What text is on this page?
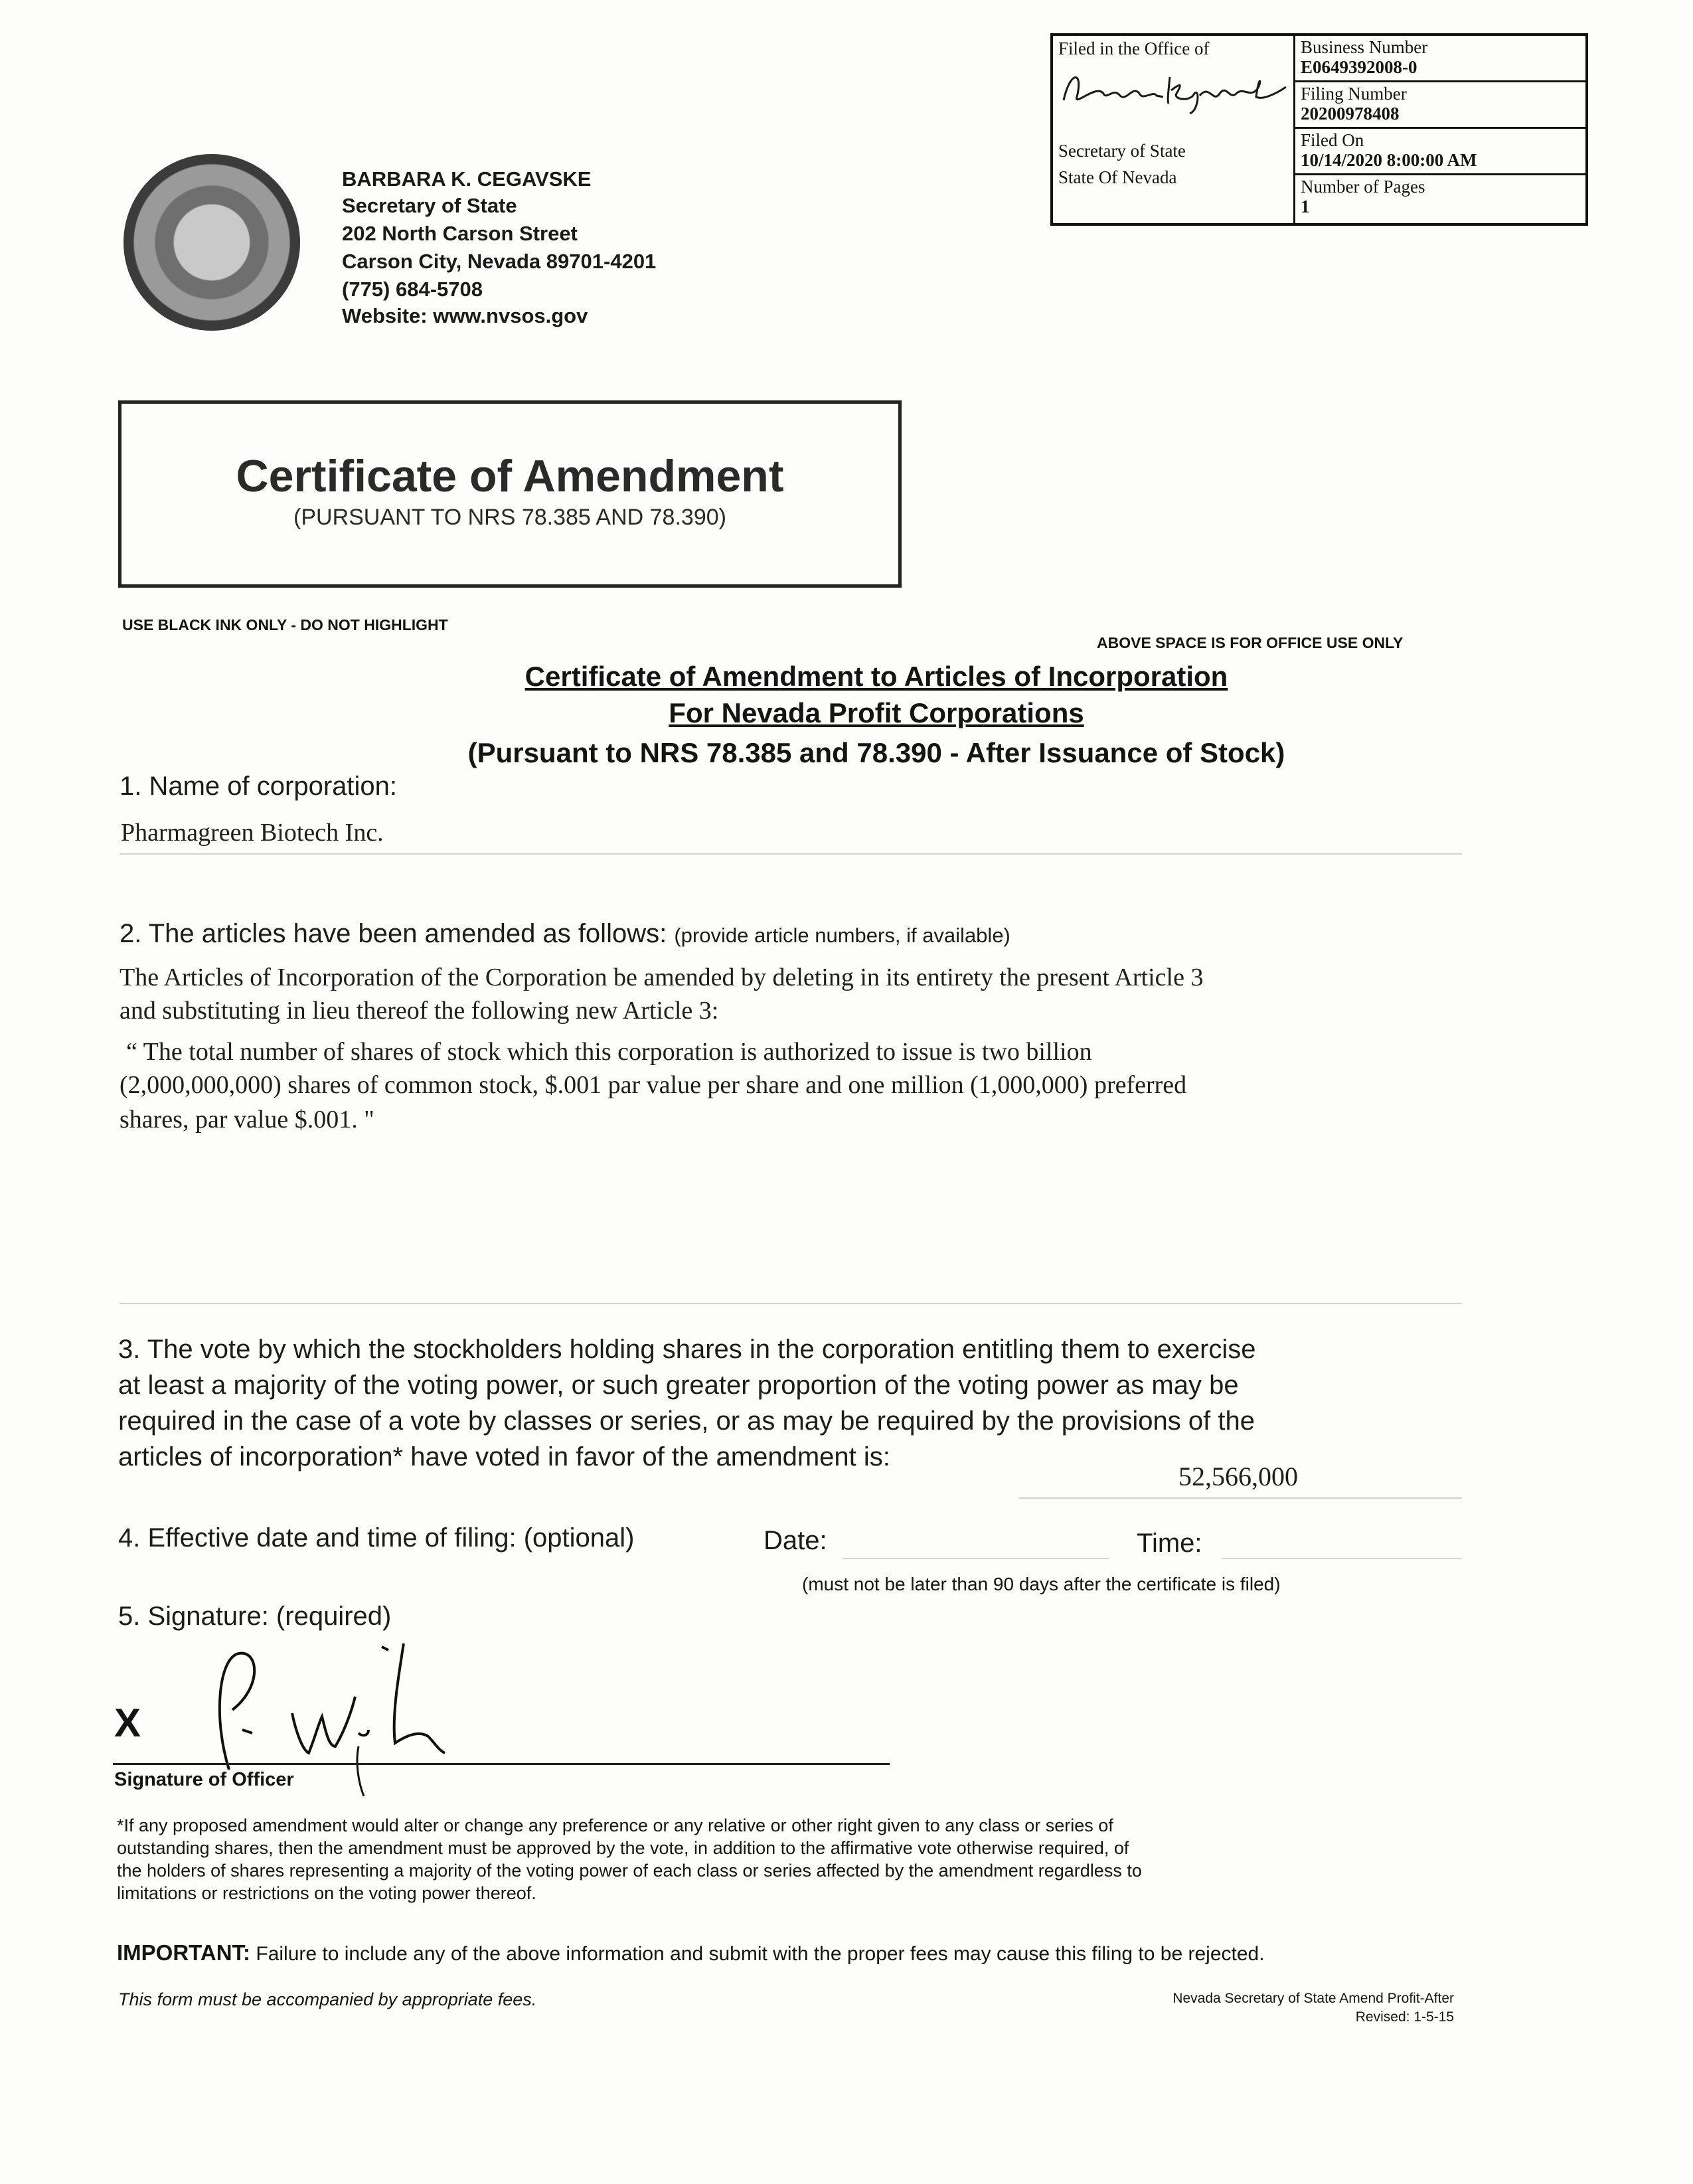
Filed in the Office of
Secretary of State
State Of Nevada
Business Number
E0649392008-0
Filing Number
20200978408
Filed On
10/14/2020 8:00:00 AM
Number of Pages
1
BARBARA K. CEGAVSKE
Secretary of State
202 North Carson Street
Carson City, Nevada 89701-4201
(775) 684-5708
Website: www.nvsos.gov
Certificate of Amendment
(PURSUANT TO NRS 78.385 AND 78.390)
USE BLACK INK ONLY - DO NOT HIGHLIGHT
ABOVE SPACE IS FOR OFFICE USE ONLY
Certificate of Amendment to Articles of Incorporation
For Nevada Profit Corporations
(Pursuant to NRS 78.385 and 78.390 - After Issuance of Stock)
1. Name of corporation:
Pharmagreen Biotech Inc.
2. The articles have been amended as follows: (provide article numbers, if available)
The Articles of Incorporation of the Corporation be amended by deleting in its entirety the present Article 3
and substituting in lieu thereof the following new Article 3:
“ The total number of shares of stock which this corporation is authorized to issue is two billion
(2,000,000,000) shares of common stock, $.001 par value per share and one million (1,000,000) preferred
shares, par value $.001. "
3. The vote by which the stockholders holding shares in the corporation entitling them to exercise
at least a majority of the voting power, or such greater proportion of the voting power as may be
required in the case of a vote by classes or series, or as may be required by the provisions of the
articles of incorporation* have voted in favor of the amendment is:
52,566,000
4. Effective date and time of filing: (optional)	Date:	Time:
(must not be later than 90 days after the certificate is filed)
5. Signature: (required)
X
Signature of Officer
*If any proposed amendment would alter or change any preference or any relative or other right given to any class or series of
outstanding shares, then the amendment must be approved by the vote, in addition to the affirmative vote otherwise required, of
the holders of shares representing a majority of the voting power of each class or series affected by the amendment regardless to
limitations or restrictions on the voting power thereof.
IMPORTANT: Failure to include any of the above information and submit with the proper fees may cause this filing to be rejected.
This form must be accompanied by appropriate fees.	Nevada Secretary of State Amend Profit-After
Revised: 1-5-15
